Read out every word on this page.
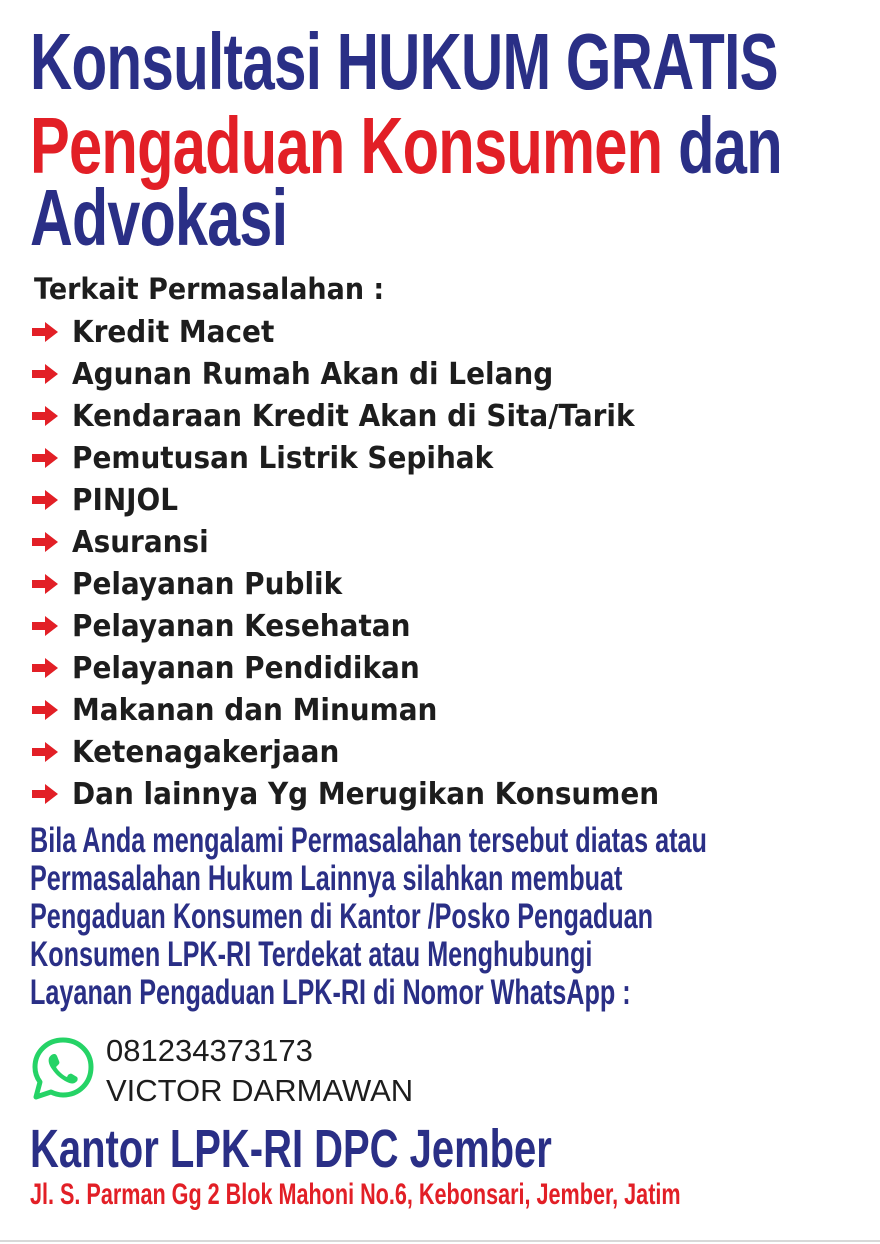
Konsultasi HUKUM GRATIS
Pengaduan Konsumen dan
Advokasi
Terkait Permasalahan :
Kredit Macet
Agunan Rumah Akan di Lelang
Kendaraan Kredit Akan di Sita/Tarik
Pemutusan Listrik Sepihak
PINJOL
Asuransi
Pelayanan Publik
Pelayanan Kesehatan
Pelayanan Pendidikan
Makanan dan Minuman
Ketenagakerjaan
Dan lainnya Yg Merugikan Konsumen
Bila Anda mengalami Permasalahan tersebut diatas atau
Permasalahan Hukum Lainnya silahkan membuat
Pengaduan Konsumen di Kantor /Posko Pengaduan
Konsumen LPK-RI Terdekat atau Menghubungi
Layanan Pengaduan LPK-RI di Nomor WhatsApp :
081234373173
VICTOR DARMAWAN
Kantor LPK-RI DPC Jember
Jl. S. Parman Gg 2 Blok Mahoni No.6, Kebonsari, Jember, Jatim
